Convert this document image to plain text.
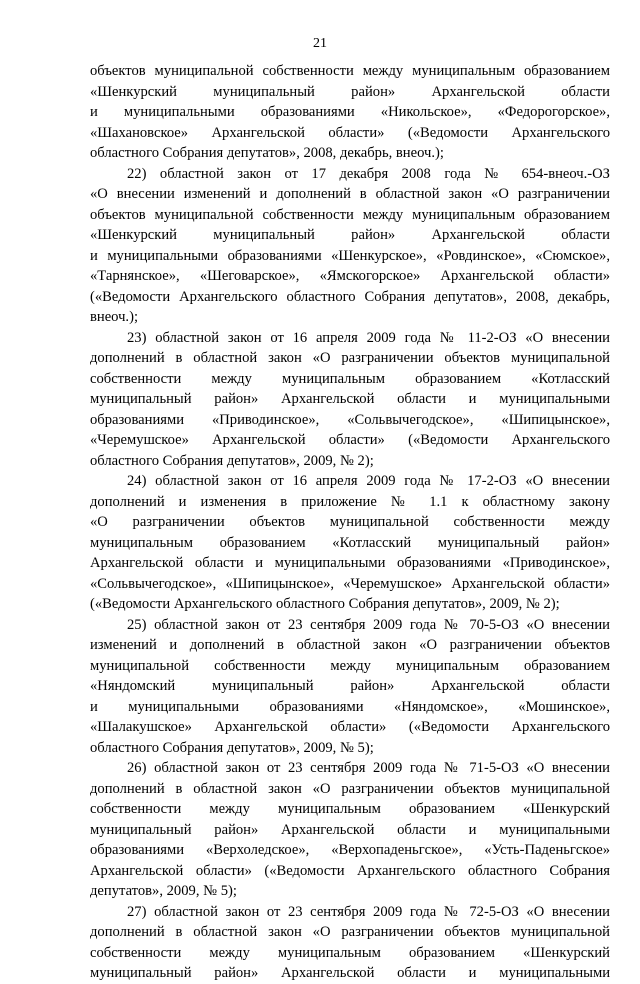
21
объектов муниципальной собственности между муниципальным образованием
«Шенкурский муниципальный район» Архангельской области
и муниципальными образованиями «Никольское», «Федорогорское»,
«Шахановское» Архангельской области» («Ведомости Архангельского
областного Собрания депутатов», 2008, декабрь, внеоч.);
22) областной закон от 17 декабря 2008 года № 654-внеоч.-ОЗ
«О внесении изменений и дополнений в областной закон «О разграничении
объектов муниципальной собственности между муниципальным образованием
«Шенкурский муниципальный район» Архангельской области
и муниципальными образованиями «Шенкурское», «Ровдинское», «Сюмское»,
«Тарнянское», «Шеговарское», «Ямскогорское» Архангельской области»
(«Ведомости Архангельского областного Собрания депутатов», 2008, декабрь,
внеоч.);
23) областной закон от 16 апреля 2009 года № 11-2-ОЗ «О внесении
дополнений в областной закон «О разграничении объектов муниципальной
собственности между муниципальным образованием «Котласский
муниципальный район» Архангельской области и муниципальными
образованиями «Приводинское», «Сольвычегодское», «Шипицынское»,
«Черемушское» Архангельской области» («Ведомости Архангельского
областного Собрания депутатов», 2009, № 2);
24) областной закон от 16 апреля 2009 года № 17-2-ОЗ «О внесении
дополнений и изменения в приложение № 1.1 к областному закону
«О разграничении объектов муниципальной собственности между
муниципальным образованием «Котласский муниципальный район»
Архангельской области и муниципальными образованиями «Приводинское»,
«Сольвычегодское», «Шипицынское», «Черемушское» Архангельской области»
(«Ведомости Архангельского областного Собрания депутатов», 2009, № 2);
25) областной закон от 23 сентября 2009 года № 70-5-ОЗ «О внесении
изменений и дополнений в областной закон «О разграничении объектов
муниципальной собственности между муниципальным образованием
«Няндомский муниципальный район» Архангельской области
и муниципальными образованиями «Няндомское», «Мошинское»,
«Шалакушское» Архангельской области» («Ведомости Архангельского
областного Собрания депутатов», 2009, № 5);
26) областной закон от 23 сентября 2009 года № 71-5-ОЗ «О внесении
дополнений в областной закон «О разграничении объектов муниципальной
собственности между муниципальным образованием «Шенкурский
муниципальный район» Архангельской области и муниципальными
образованиями «Верхоледское», «Верхопаденьгское», «Усть-Паденьгское»
Архангельской области» («Ведомости Архангельского областного Собрания
депутатов», 2009, № 5);
27) областной закон от 23 сентября 2009 года № 72-5-ОЗ «О внесении
дополнений в областной закон «О разграничении объектов муниципальной
собственности между муниципальным образованием «Шенкурский
муниципальный район» Архангельской области и муниципальными
